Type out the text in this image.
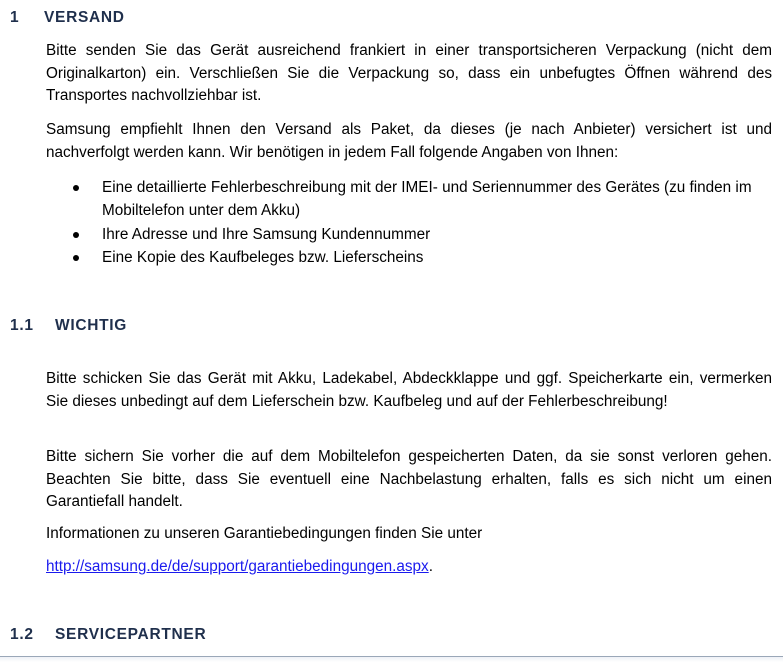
1 VERSAND

Bitte senden Sie das Gerät ausreichend frankiert in einer transportsicheren Verpackung (nicht dem Originalkarton) ein. Verschließen Sie die Verpackung so, dass ein unbefugtes Öffnen während des Transportes nachvollziehbar ist.

Samsung empfiehlt Ihnen den Versand als Paket, da dieses (je nach Anbieter) versichert ist und nachverfolgt werden kann. Wir benötigen in jedem Fall folgende Angaben von Ihnen:

Eine detaillierte Fehlerbeschreibung mit der IMEI- und Seriennummer des Gerätes (zu finden im Mobiltelefon unter dem Akku)
Ihre Adresse und Ihre Samsung Kundennummer
Eine Kopie des Kaufbeleges bzw. Lieferscheins
1.1 WICHTIG

Bitte schicken Sie das Gerät mit Akku, Ladekabel, Abdeckklappe und ggf. Speicherkarte ein, vermerken Sie dieses unbedingt auf dem Lieferschein bzw. Kaufbeleg und auf der Fehlerbeschreibung!

Bitte sichern Sie vorher die auf dem Mobiltelefon gespeicherten Daten, da sie sonst verloren gehen. Beachten Sie bitte, dass Sie eventuell eine Nachbelastung erhalten, falls es sich nicht um einen Garantiefall handelt.

Informationen zu unseren Garantiebedingungen finden Sie unter

http://samsung.de/de/support/garantiebedingungen.aspx.

1.2 SERVICEPARTNER
